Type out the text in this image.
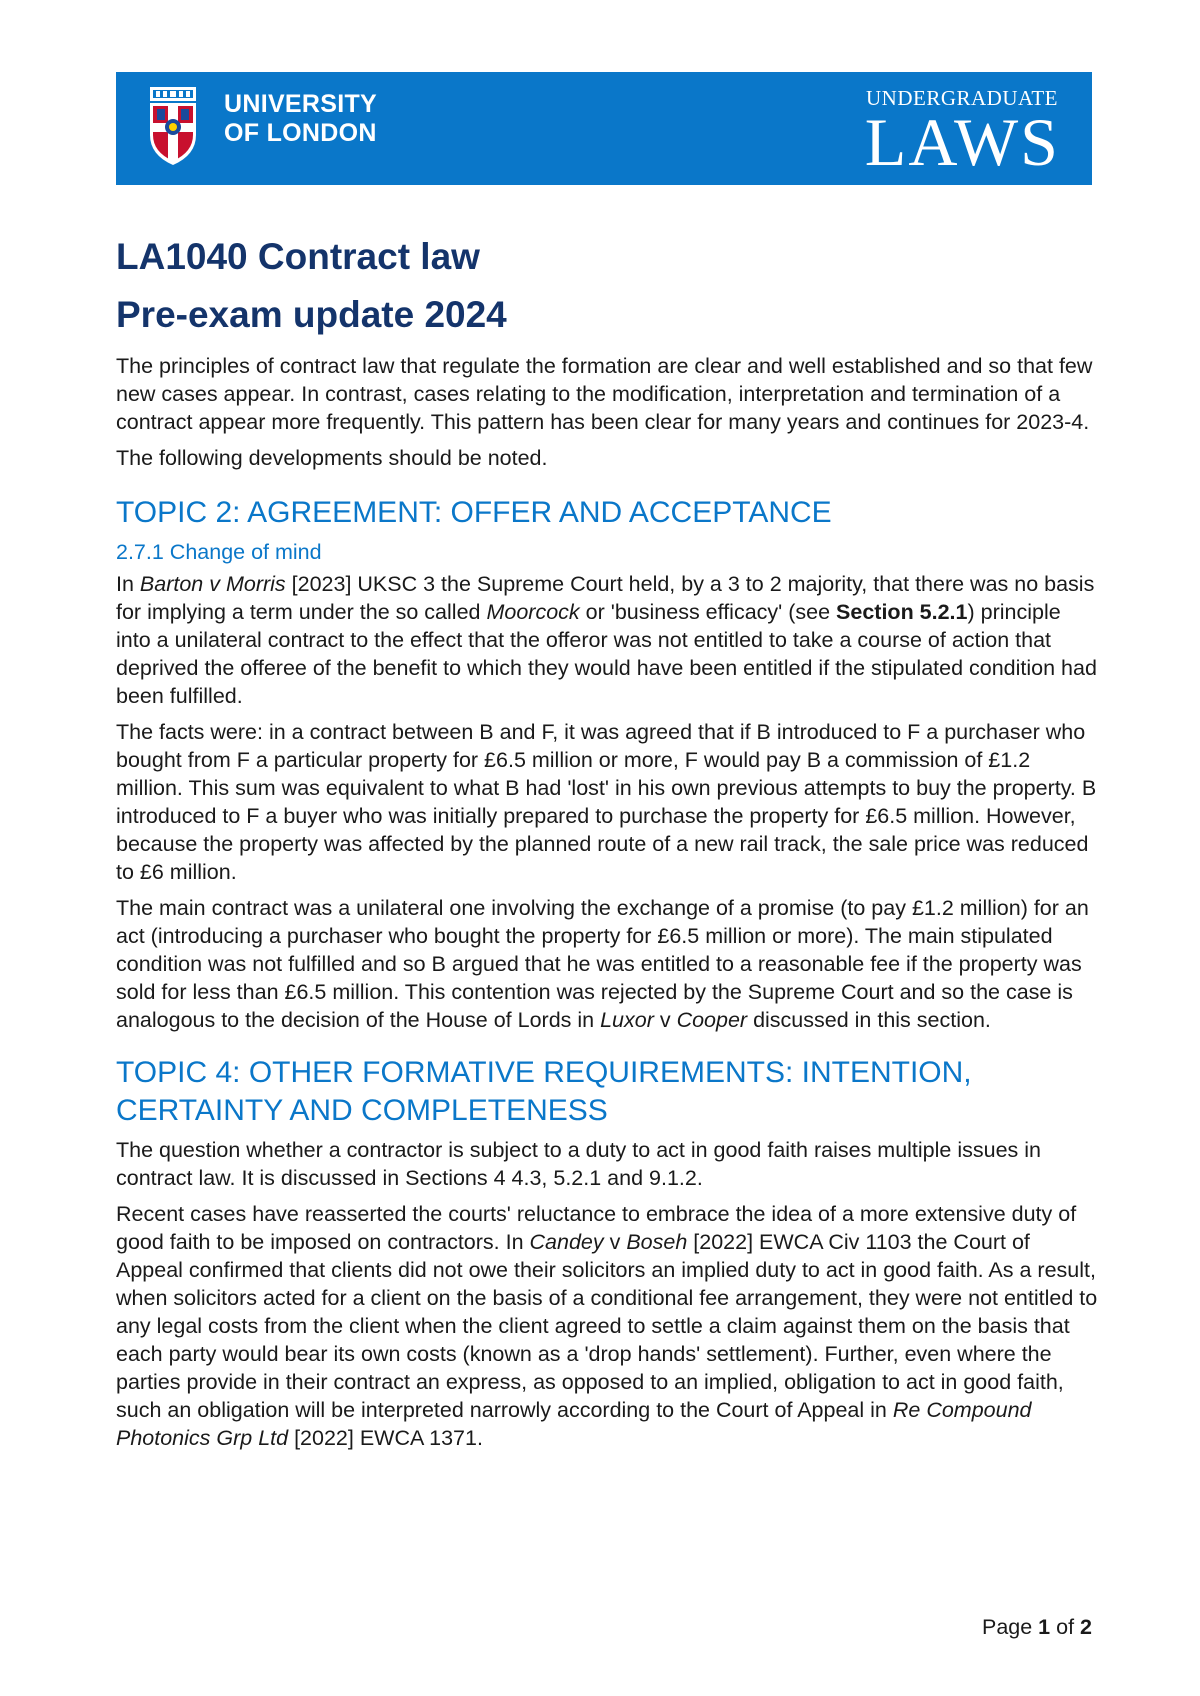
UNIVERSITY
OF LONDON
UNDERGRADUATE
LAWS
LA1040 Contract law
Pre-exam update 2024

The principles of contract law that regulate the formation are clear and well established and so that few new cases appear. In contrast, cases relating to the modification, interpretation and termination of a contract appear more frequently. This pattern has been clear for many years and continues for 2023-4.

The following developments should be noted.

TOPIC 2: AGREEMENT: OFFER AND ACCEPTANCE
2.7.1 Change of mind

In Barton v Morris [2023] UKSC 3 the Supreme Court held, by a 3 to 2 majority, that there was no basis for implying a term under the so called Moorcock or 'business efficacy' (see Section 5.2.1) principle into a unilateral contract to the effect that the offeror was not entitled to take a course of action that deprived the offeree of the benefit to which they would have been entitled if the stipulated condition had been fulfilled.

The facts were: in a contract between B and F, it was agreed that if B introduced to F a purchaser who bought from F a particular property for £6.5 million or more, F would pay B a commission of £1.2 million. This sum was equivalent to what B had 'lost' in his own previous attempts to buy the property. B introduced to F a buyer who was initially prepared to purchase the property for £6.5 million. However, because the property was affected by the planned route of a new rail track, the sale price was reduced to £6 million.

The main contract was a unilateral one involving the exchange of a promise (to pay £1.2 million) for an act (introducing a purchaser who bought the property for £6.5 million or more). The main stipulated condition was not fulfilled and so B argued that he was entitled to a reasonable fee if the property was sold for less than £6.5 million. This contention was rejected by the Supreme Court and so the case is analogous to the decision of the House of Lords in Luxor v Cooper discussed in this section.

TOPIC 4: OTHER FORMATIVE REQUIREMENTS: INTENTION, CERTAINTY AND COMPLETENESS

The question whether a contractor is subject to a duty to act in good faith raises multiple issues in contract law. It is discussed in Sections 4 4.3, 5.2.1 and 9.1.2.

Recent cases have reasserted the courts' reluctance to embrace the idea of a more extensive duty of good faith to be imposed on contractors. In Candey v Boseh [2022] EWCA Civ 1103 the Court of Appeal confirmed that clients did not owe their solicitors an implied duty to act in good faith. As a result, when solicitors acted for a client on the basis of a conditional fee arrangement, they were not entitled to any legal costs from the client when the client agreed to settle a claim against them on the basis that each party would bear its own costs (known as a 'drop hands' settlement). Further, even where the parties provide in their contract an express, as opposed to an implied, obligation to act in good faith, such an obligation will be interpreted narrowly according to the Court of Appeal in Re Compound Photonics Grp Ltd [2022] EWCA 1371.

Page 1 of 2
